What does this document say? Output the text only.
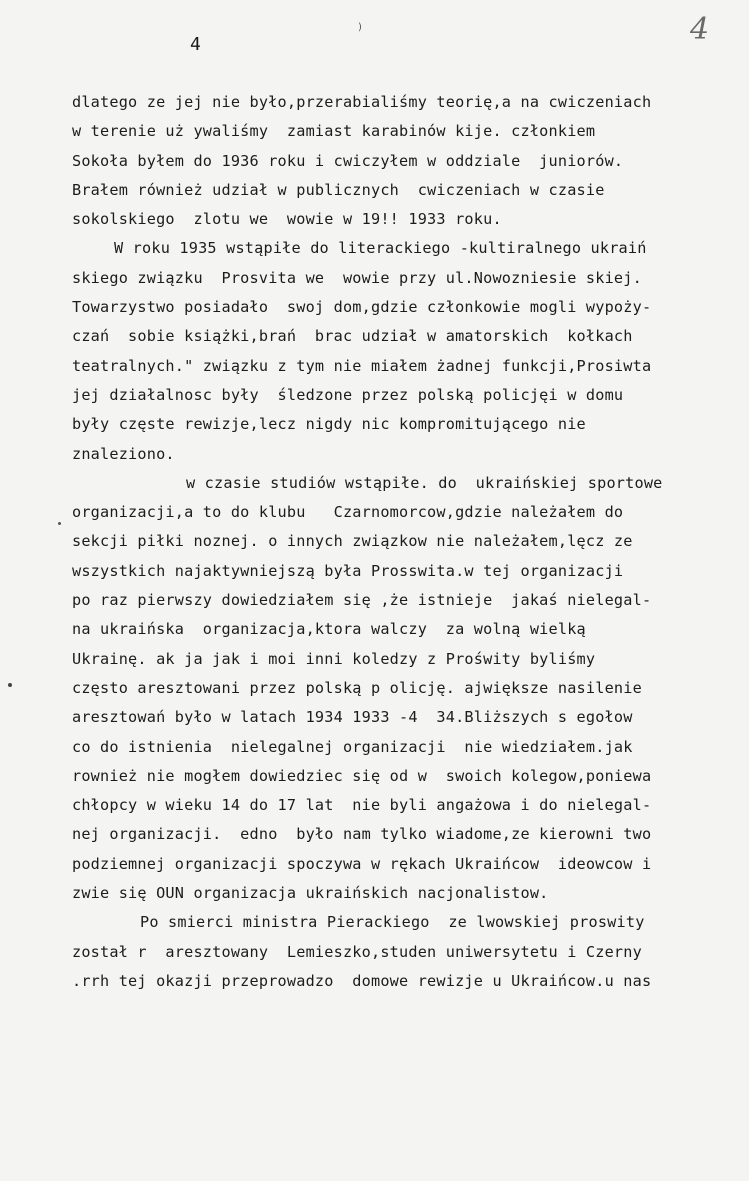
)
4	4
dlatego ze jej nie było,przerabialiśmy teorię,a na cwiczeniach
w terenie uż ywaliśmy  zamiast karabinów kije. członkiem
Sokoła byłem do 1936 roku i cwiczyłem w oddziale  juniorów.
Brałem również udział w publicznych  cwiczeniach w czasie
sokolskiego  zlotu we  wowie w 19!! 1933 roku.
W roku 1935 wstąpiłe do literackiego -kultiralnego ukraiń
skiego związku  Prosvita we  wowie przy ul.Nowozniesie skiej.
Towarzystwo posiadało  swoj dom,gdzie członkowie mogli wypoży-
czań  sobie książki,brań  brac udział w amatorskich  kołkach
teatralnych." związku z tym nie miałem żadnej funkcji,Prosiwta
jej działalnosc były  śledzone przez polską policjęi w domu
były częste rewizje,lecz nigdy nic kompromitującego nie
znaleziono.
w czasie studiów wstąpiłe. do  ukraińskiej sportowe
organizacji,a to do klubu   Czarnomorcow,gdzie należałem do
sekcji piłki noznej. o innych związkow nie należałem,lęcz ze
wszystkich najaktywniejszą była Prosswita.w tej organizacji
po raz pierwszy dowiedziałem się ,że istnieje  jakaś nielegal-
na ukraińska  organizacja,ktora walczy  za wolną wielką
Ukrainę. ak ja jak i moi inni koledzy z Proświty byliśmy
często aresztowani przez polską p olicję. ajwiększe nasilenie
aresztowań było w latach 1934 1933 -4  34.Bliższych s egołow
co do istnienia  nielegalnej organizacji  nie wiedziałem.jak
rownież nie mogłem dowiedziec się od w  swoich kolegow,poniewa
chłopcy w wieku 14 do 17 lat  nie byli angażowa i do nielegal-
nej organizacji.  edno  było nam tylko wiadome,ze kierowni two
podziemnej organizacji spoczywa w rękach Ukraińcow  ideowcow i
zwie się OUN organizacja ukraińskich nacjonalistow.
Po smierci ministra Pierackiego  ze lwowskiej proswity
został r  aresztowany  Lemieszko,studen uniwersytetu i Czerny
.rrh tej okazji przeprowadzo  domowe rewizje u Ukraińcow.u nas
